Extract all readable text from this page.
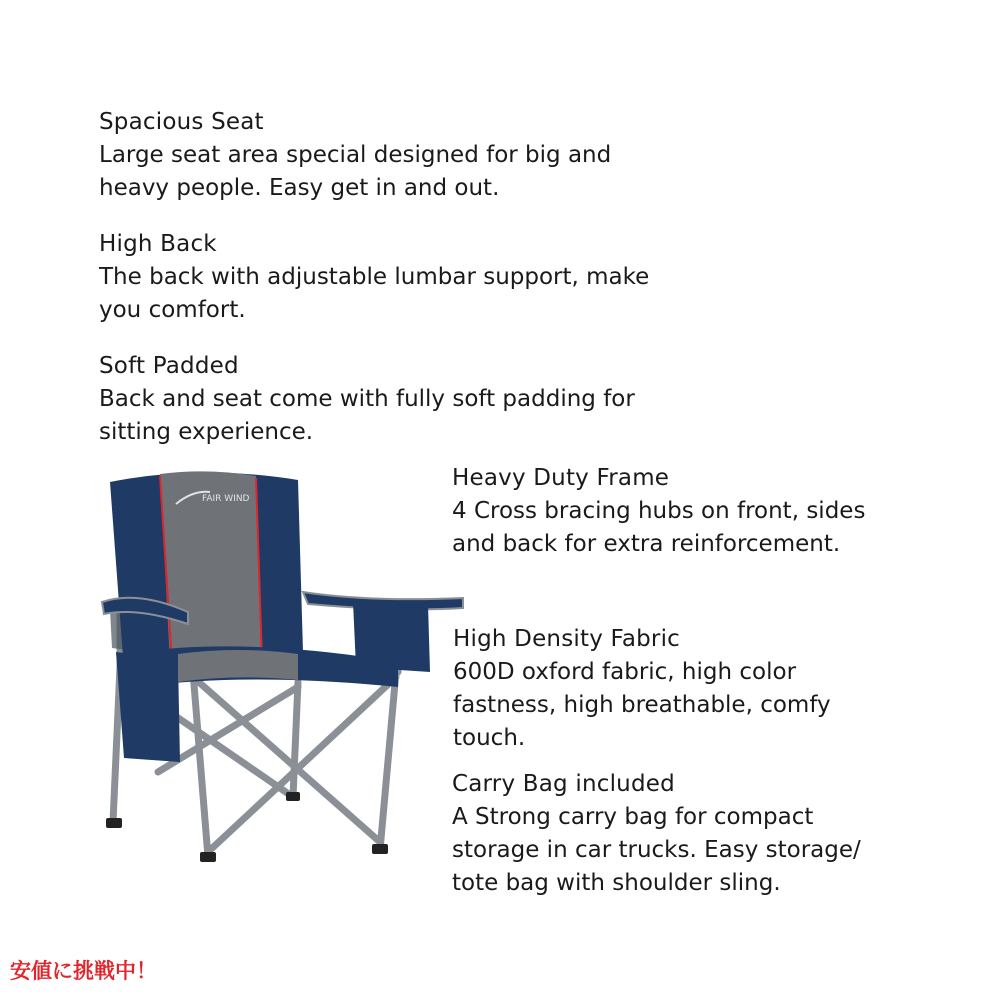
Spacious Seat
Large seat area special designed for big and
heavy people. Easy get in and out.
High Back
The back with adjustable lumbar support, make
you comfort.
Soft Padded
Back and seat come with fully soft padding for
sitting experience.
Heavy Duty Frame
4 Cross bracing hubs on front, sides
and back for extra reinforcement.
High Density Fabric
600D oxford fabric, high color
fastness, high breathable, comfy
touch.
Carry Bag included
A Strong carry bag for compact
storage in car trucks. Easy storage/
tote bag with shoulder sling.
FAIR WIND
安値に挑戦中！
